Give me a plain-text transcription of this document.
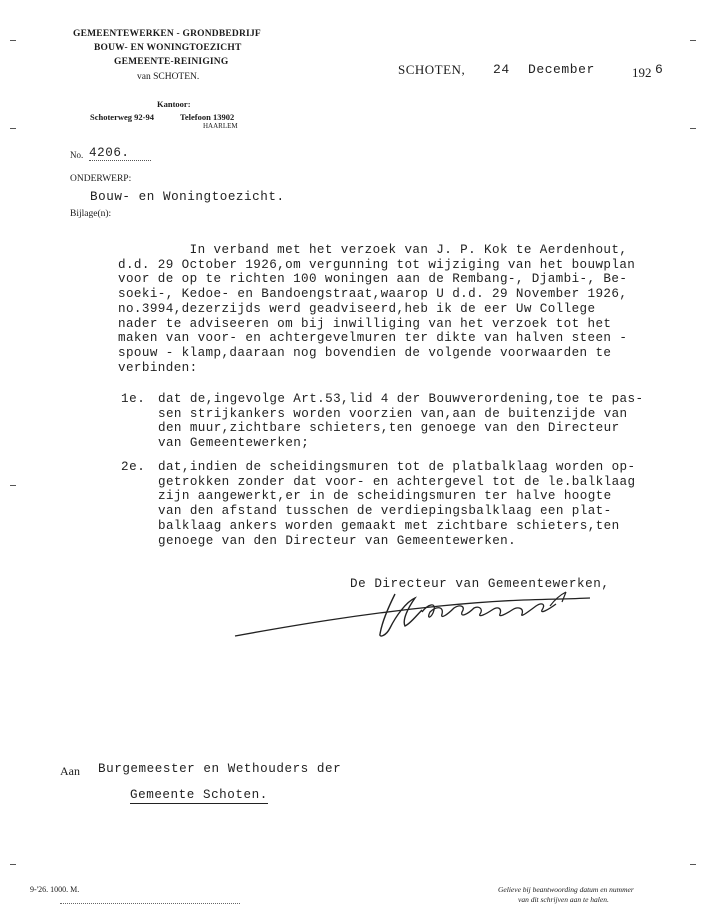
GEMEENTEWERKEN - GRONDBEDRIJF
BOUW- EN WONINGTOEZICHT
GEMEENTE-REINIGING
van SCHOTEN.
Kantoor:
Schoterweg 92-94	Telefoon 13902
HAARLEM
SCHOTEN, 24 December	192 6
No. 4206.
ONDERWERP:
Bouw- en Woningtoezicht.
Bijlage(n):
In verband met het verzoek van J. P. Kok te Aerdenhout,
d.d. 29 October 1926,om vergunning tot wijziging van het bouwplan
voor de op te richten 100 woningen aan de Rembang-, Djambi-, Be-
soeki-, Kedoe- en Bandoengstraat,waarop U d.d. 29 November 1926,
no.3994,dezerzijds werd geadviseerd,heb ik de eer Uw College
nader te adviseeren om bij inwilliging van het verzoek tot het
maken van voor- en achtergevelmuren ter dikte van halven steen -
spouw - klamp,daaraan nog bovendien de volgende voorwaarden te
verbinden:
1e. dat de,ingevolge Art.53,lid 4 der Bouwverordening,toe te pas-
sen strijkankers worden voorzien van,aan de buitenzijde van
den muur,zichtbare schieters,ten genoege van den Directeur
van Gemeentewerken;
2e. dat,indien de scheidingsmuren tot de platbalklaag worden op-
getrokken zonder dat voor- en achtergevel tot de le.balklaag
zijn aangewerkt,er in de scheidingsmuren ter halve hoogte
van den afstand tusschen de verdiepingsbalklaag een plat-
balklaag ankers worden gemaakt met zichtbare schieters,ten
genoege van den Directeur van Gemeentewerken.
De Directeur van Gemeentewerken,
Aan Burgemeester en Wethouders der
Gemeente Schoten.
9-'26. 1000. M.	Gelieve bij beantwoording datum en nummer
van dit schrijven aan te halen.
